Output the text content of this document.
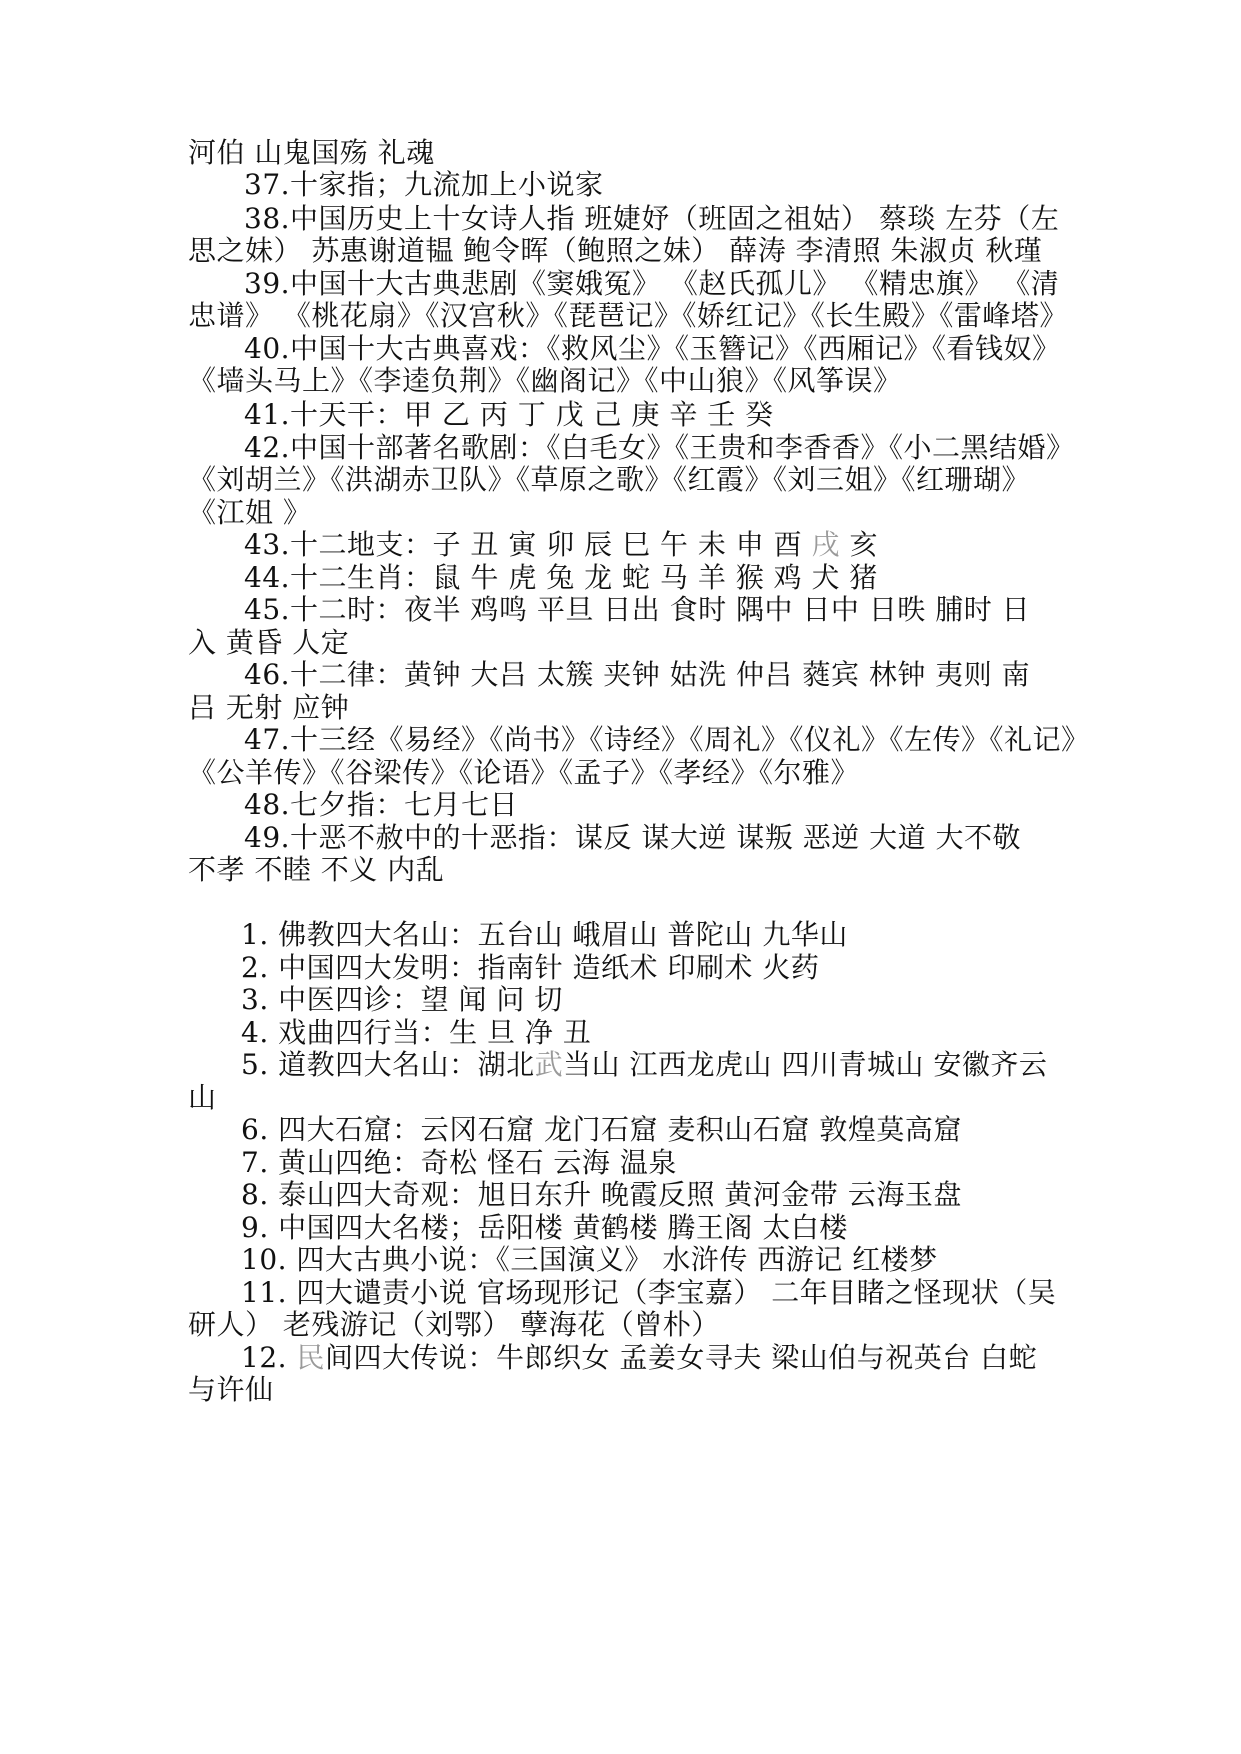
河伯 山鬼国殇 礼魂
37.十家指；九流加上小说家
38.中国历史上十女诗人指 班婕妤（班固之祖姑） 蔡琰 左芬（左
思之妹） 苏惠谢道韫 鲍令晖（鲍照之妹） 薛涛 李清照 朱淑贞 秋瑾
39.中国十大古典悲剧《窦娥冤》 《赵氏孤儿》 《精忠旗》 《清
忠谱》 《桃花扇》《汉宫秋》《琵琶记》《娇红记》《长生殿》《雷峰塔》
40.中国十大古典喜戏：《救风尘》《玉簪记》《西厢记》《看钱奴》
《墙头马上》《李逵负荆》《幽阁记》《中山狼》《风筝误》
41.十天干：甲 乙 丙 丁 戊 己 庚 辛 壬 癸
42.中国十部著名歌剧：《白毛女》《王贵和李香香》《小二黑结婚》
《刘胡兰》《洪湖赤卫队》《草原之歌》《红霞》《刘三姐》《红珊瑚》
《江姐 》
43.十二地支：子 丑 寅 卯 辰 巳 午 未 申 酉 戌 亥
44.十二生肖：鼠 牛 虎 兔 龙 蛇 马 羊 猴 鸡 犬 猪
45.十二时：夜半 鸡鸣 平旦 日出 食时 隅中 日中 日昳 脯时 日
入 黄昏 人定
46.十二律：黄钟 大吕 太簇 夹钟 姑洗 仲吕 蕤宾 林钟 夷则 南
吕 无射 应钟
47.十三经《易经》《尚书》《诗经》《周礼》《仪礼》《左传》《礼记》
《公羊传》《谷梁传》《论语》《孟子》《孝经》《尔雅》
48.七夕指：七月七日
49.十恶不赦中的十恶指：谋反 谋大逆 谋叛 恶逆 大道 大不敬
不孝 不睦 不义 内乱
1. 佛教四大名山：五台山 峨眉山 普陀山 九华山
2. 中国四大发明：指南针 造纸术 印刷术 火药
3. 中医四诊：望 闻 问 切
4. 戏曲四行当：生 旦 净 丑
5. 道教四大名山：湖北武当山 江西龙虎山 四川青城山 安徽齐云
山
6. 四大石窟：云冈石窟 龙门石窟 麦积山石窟 敦煌莫高窟
7. 黄山四绝：奇松 怪石 云海 温泉
8. 泰山四大奇观：旭日东升 晚霞反照 黄河金带 云海玉盘
9. 中国四大名楼；岳阳楼 黄鹤楼 腾王阁 太白楼
10. 四大古典小说：《三国演义》 水浒传 西游记 红楼梦
11. 四大谴责小说 官场现形记（李宝嘉） 二年目睹之怪现状（吴
研人） 老残游记（刘鄂） 孽海花（曾朴）
12. 民间四大传说：牛郎织女 孟姜女寻夫 梁山伯与祝英台 白蛇
与许仙
